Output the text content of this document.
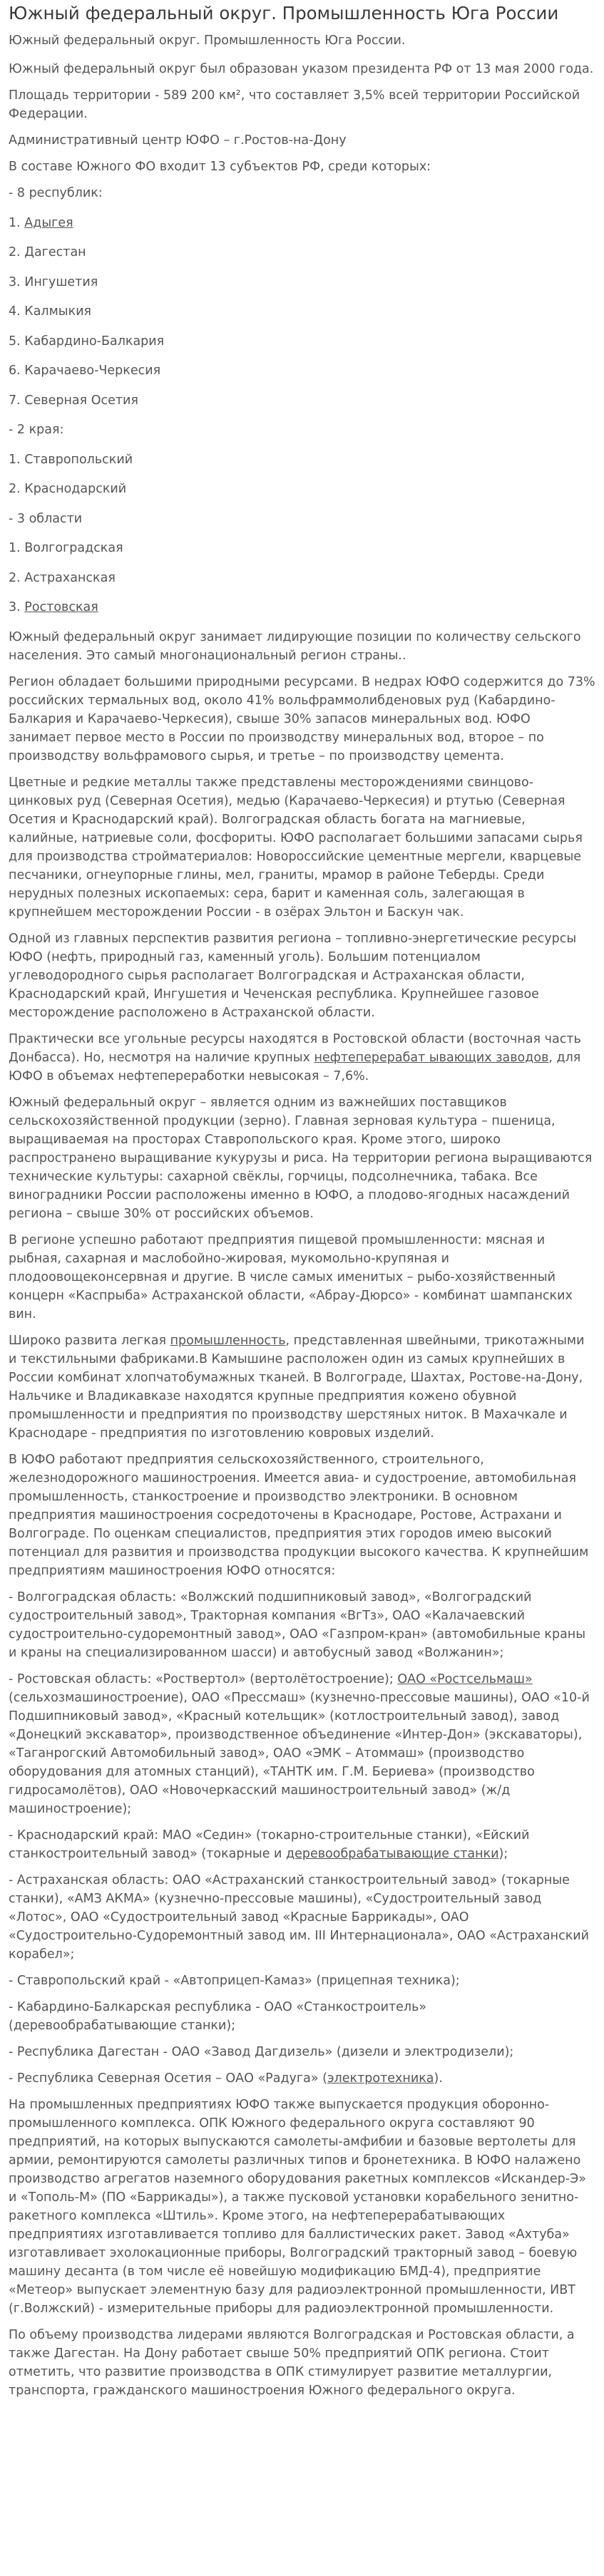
Южный федеральный округ. Промышленность Юга России
Южный федеральный округ. Промышленность Юга России.
Южный федеральный округ был образован указом президента РФ от 13 мая 2000 года.
Площадь территории - 589 200 км², что составляет 3,5% всей территории Российской Федерации.
Административный центр ЮФО – г.Ростов-на-Дону
В составе Южного ФО входит 13 субъектов РФ, среди которых:
- 8 республик:
1. Адыгея
2. Дагестан
3. Ингушетия
4. Калмыкия
5. Кабардино-Балкария
6. Карачаево-Черкесия
7. Северная Осетия
- 2 края:
1. Ставропольский
2. Краснодарский
- 3 области
1. Волгоградская
2. Астраханская
3. Ростовская
Южный федеральный округ занимает лидирующие позиции по количеству сельского населения. Это самый многонациональный регион страны..
Регион обладает большими природными ресурсами. В недрах ЮФО содержится до 73% российских термальных вод, около 41% вольфраммолибденовых руд (Кабардино-Балкария и Карачаево-Черкесия), свыше 30% запасов минеральных вод. ЮФО занимает первое место в России по производству минеральных вод, второе – по производству вольфрамового сырья, и третье – по производству цемента.
Цветные и редкие металлы также представлены месторождениями свинцово-цинковых руд (Северная Осетия), медью (Карачаево-Черкесия) и ртутью (Северная Осетия и Краснодарский край). Волгоградская область богата на магниевые, калийные, натриевые соли, фосфориты. ЮФО располагает большими запасами сырья для производства стройматериалов: Новороссийские цементные мергели, кварцевые песчаники, огнеупорные глины, мел, граниты, мрамор в районе Теберды. Среди нерудных полезных ископаемых: сера, барит и каменная соль, залегающая в крупнейшем месторождении России - в озёрах Эльтон и Баскун чак.
Одной из главных перспектив развития региона – топливно-энергетические ресурсы ЮФО (нефть, природный газ, каменный уголь). Большим потенциалом углеводородного сырья располагает Волгоградская и Астраханская области, Краснодарский край, Ингушетия и Чеченская республика. Крупнейшее газовое месторождение расположено в Астраханской области.
Практически все угольные ресурсы находятся в Ростовской области (восточная часть Донбасса). Но, несмотря на наличие крупных нефтеперерабат ывающих заводов, для ЮФО в объемах нефтепереработки невысокая – 7,6%.
Южный федеральный округ – является одним из важнейших поставщиков сельскохозяйственной продукции (зерно). Главная зерновая культура – пшеница, выращиваемая на просторах Ставропольского края. Кроме этого, широко распространено выращивание кукурузы и риса. На территории региона выращиваются технические культуры: сахарной свёклы, горчицы, подсолнечника, табака. Все виноградники России расположены именно в ЮФО, а плодово-ягодных насаждений региона – свыше 30% от российских объемов.
В регионе успешно работают предприятия пищевой промышленности: мясная и рыбная, сахарная и маслобойно-жировая, мукомольно-крупяная и плодоовощеконсервная и другие. В числе самых именитых – рыбо-хозяйственный концерн «Каспрыба» Астраханской области, «Абрау-Дюрсо» - комбинат шампанских вин.
Широко развита легкая промышленность, представленная швейными, трикотажными и текстильными фабриками.В Камышине расположен один из самых крупнейших в России комбинат хлопчатобумажных тканей. В Волгограде, Шахтах, Ростове-на-Дону, Нальчике и Владикавказе находятся крупные предприятия кожено обувной промышленности и предприятия по производству шерстяных ниток. В Махачкале и Краснодаре - предприятия по изготовлению ковровых изделий.
В ЮФО работают предприятия сельскохозяйственного, строительного, железнодорожного машиностроения. Имеется авиа- и судостроение, автомобильная промышленность, станкостроение и производство электроники. В основном предприятия машиностроения сосредоточены в Краснодаре, Ростове, Астрахани и Волгограде. По оценкам специалистов, предприятия этих городов имею высокий потенциал для развития и производства продукции высокого качества. К крупнейшим предприятиям машиностроения ЮФО относятся:
- Волгоградская область: «Волжский подшипниковый завод», «Волгоградский судостроительный завод», Тракторная компания «ВгТз», ОАО «Калачаевский судостроительно-судоремонтный завод», ОАО «Газпром-кран» (автомобильные краны и краны на специализированном шасси) и автобусный завод «Волжанин»;
- Ростовская область: «Роствертол» (вертолётостроение); ОАО «Ростсельмаш» (сельхозмашиностроение), ОАО «Прессмаш» (кузнечно-прессовые машины), ОАО «10-й Подшипниковый завод», «Красный котельщик» (котлостроительный завод), завод «Донецкий экскаватор», производственное объединение «Интер-Дон» (экскаваторы), «Таганрогский Автомобильный завод», ОАО «ЭМК – Атоммаш» (производство оборудования для атомных станций), «ТАНТК им. Г.М. Бериева» (производство гидросамолётов), ОАО «Новочеркасский машиностроительный завод» (ж/д машиностроение);
- Краснодарский край: МАО «Седин» (токарно-строительные станки), «Ейский станкостроительный завод» (токарные и деревообрабатывающие станки);
- Астраханская область: ОАО «Астраханский станкостроительный завод» (токарные станки), «АМЗ АКМА» (кузнечно-прессовые машины), «Судостроительный завод «Лотос», ОАО «Судостроительный завод «Красные Баррикады», ОАО «Судостроительно-Судоремонтный завод им. III Интернационала», ОАО «Астраханский корабел»;
- Ставропольский край - «Автоприцеп-Камаз» (прицепная техника);
- Кабардино-Балкарская республика - ОАО «Станкостроитель» (деревообрабатывающие станки);
- Республика Дагестан - ОАО «Завод Дагдизель» (дизели и электродизели);
- Республика Северная Осетия – ОАО «Радуга» (электротехника).
На промышленных предприятиях ЮФО также выпускается продукция оборонно-промышленного комплекса. ОПК Южного федерального округа составляют 90 предприятий, на которых выпускаются самолеты-амфибии и базовые вертолеты для армии, ремонтируются самолеты различных типов и бронетехника. В ЮФО налажено производство агрегатов наземного оборудования ракетных комплексов «Искандер-Э» и «Тополь-М» (ПО «Баррикады»), а также пусковой установки корабельного зенитно-ракетного комплекса «Штиль». Кроме этого, на нефтеперерабатывающих предприятиях изготавливается топливо для баллистических ракет. Завод «Ахтуба» изготавливает эхолокационные приборы, Волгоградский тракторный завод – боевую машину десанта (в том числе её новейшую модификацию БМД-4), предприятие «Метеор» выпускает элементную базу для радиоэлектронной промышленности, ИВТ (г.Волжский) - измерительные приборы для радиоэлектронной промышленности.
По объему производства лидерами являются Волгоградская и Ростовская области, а также Дагестан. На Дону работает свыше 50% предприятий ОПК региона. Стоит отметить, что развитие производства в ОПК стимулирует развитие металлургии, транспорта, гражданского машиностроения Южного федерального округа.
